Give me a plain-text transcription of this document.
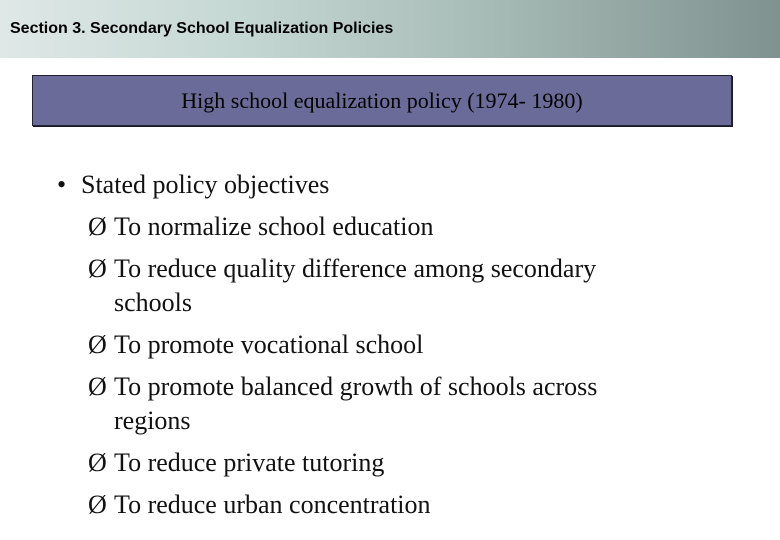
Section 3. Secondary School Equalization Policies
High school equalization policy (1974- 1980)
• Stated policy objectives
Ø To normalize school education
Ø To reduce quality difference among secondary
schools
Ø To promote vocational school
Ø To promote balanced growth of schools across
regions
Ø To reduce private tutoring
Ø To reduce urban concentration
